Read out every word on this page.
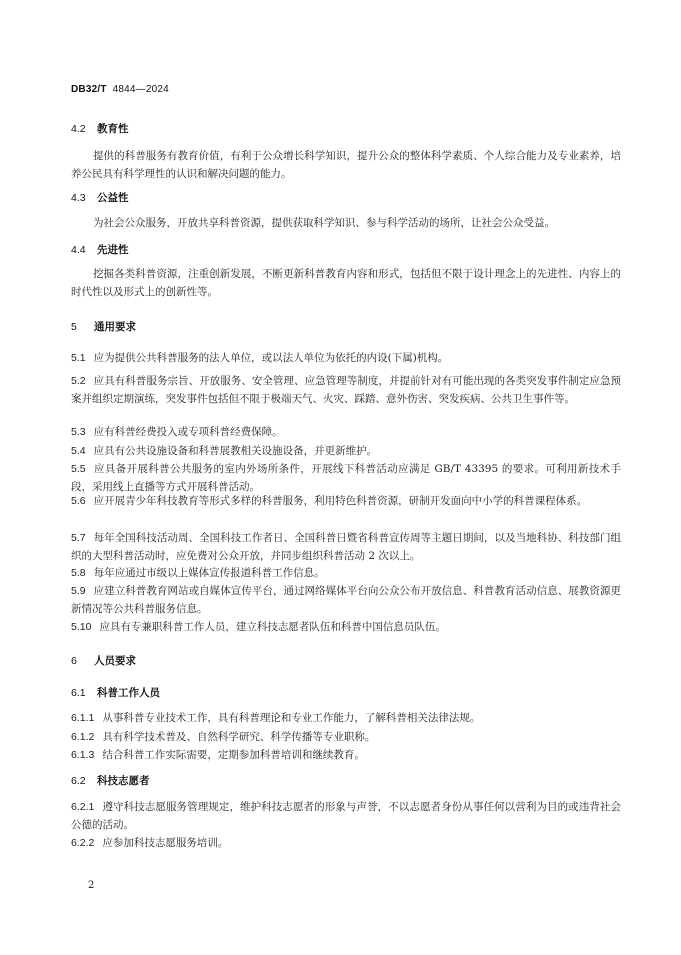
DB32/T 4844—2024
4.2 教育性
提供的科普服务有教育价值，有利于公众增长科学知识，提升公众的整体科学素质、个人综合能力及专业素养，培养公民具有科学理性的认识和解决问题的能力。
4.3 公益性
为社会公众服务，开放共享科普资源，提供获取科学知识、参与科学活动的场所，让社会公众受益。
4.4 先进性
挖掘各类科普资源，注重创新发展，不断更新科普教育内容和形式，包括但不限于设计理念上的先进性、内容上的时代性以及形式上的创新性等。
5 通用要求
5.1 应为提供公共科普服务的法人单位，或以法人单位为依托的内设(下属)机构。
5.2 应具有科普服务宗旨、开放服务、安全管理、应急管理等制度，并提前针对有可能出现的各类突发事件制定应急预案并组织定期演练，突发事件包括但不限于极端天气、火灾、踩踏、意外伤害、突发疾病、公共卫生事件等。
5.3 应有科普经费投入或专项科普经费保障。
5.4 应具有公共设施设备和科普展教相关设施设备，并更新维护。
5.5 应具备开展科普公共服务的室内外场所条件，开展线下科普活动应满足 GB/T 43395 的要求。可利用新技术手段，采用线上直播等方式开展科普活动。
5.6 应开展青少年科技教育等形式多样的科普服务，利用特色科普资源，研制开发面向中小学的科普课程体系。
5.7 每年全国科技活动周、全国科技工作者日、全国科普日暨省科普宣传周等主题日期间，以及当地科协、科技部门组织的大型科普活动时，应免费对公众开放，并同步组织科普活动 2 次以上。
5.8 每年应通过市级以上媒体宣传报道科普工作信息。
5.9 应建立科普教育网站或自媒体宣传平台，通过网络媒体平台向公众公布开放信息、科普教育活动信息、展教资源更新情况等公共科普服务信息。
5.10 应具有专兼职科普工作人员，建立科技志愿者队伍和科普中国信息员队伍。
6 人员要求
6.1 科普工作人员
6.1.1 从事科普专业技术工作，具有科普理论和专业工作能力，了解科普相关法律法规。
6.1.2 具有科学技术普及、自然科学研究、科学传播等专业职称。
6.1.3 结合科普工作实际需要，定期参加科普培训和继续教育。
6.2 科技志愿者
6.2.1 遵守科技志愿服务管理规定，维护科技志愿者的形象与声誉，不以志愿者身份从事任何以营利为目的或违背社会公德的活动。
6.2.2 应参加科技志愿服务培训。
2
